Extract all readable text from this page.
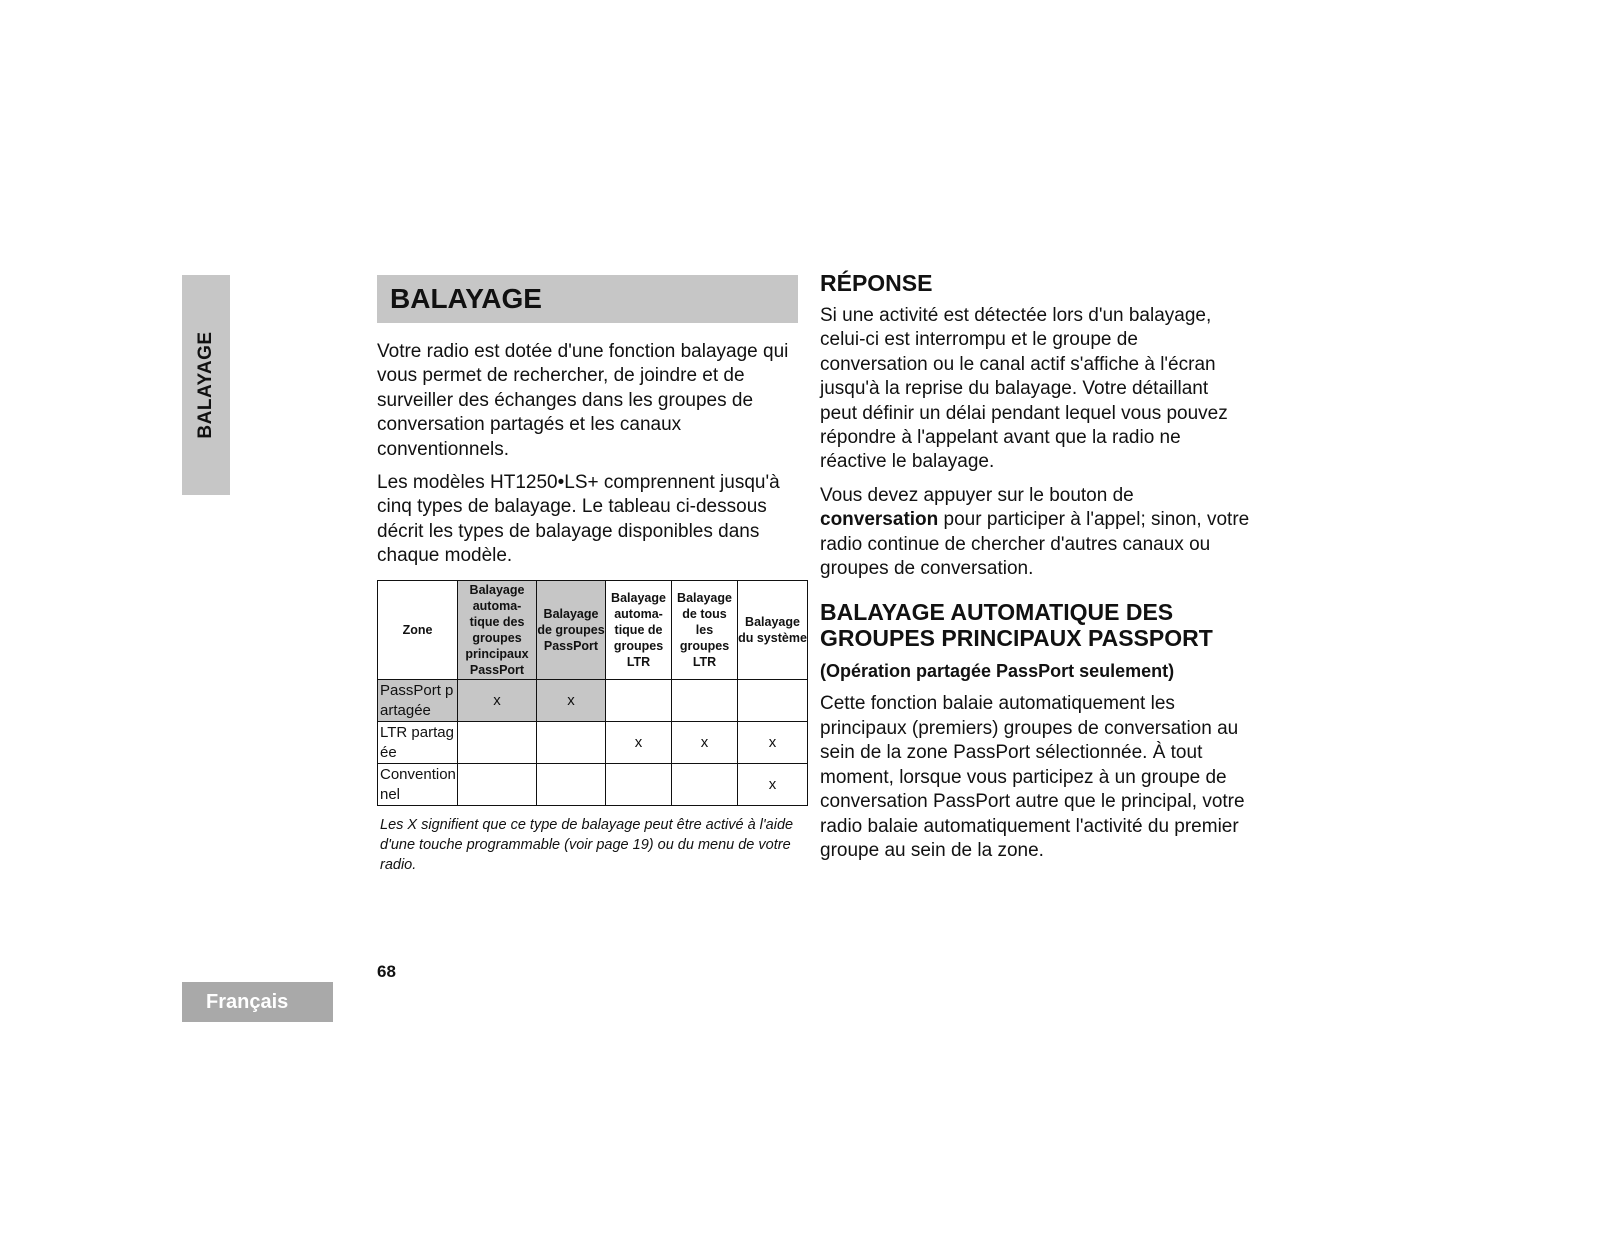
BALAYAGE
BALAYAGE

Votre radio est dotée d'une fonction balayage qui vous permet de rechercher, de joindre et de surveiller des échanges dans les groupes de conversation partagés et les canaux conventionnels.

Les modèles HT1250•LS+ comprennent jusqu'à cinq types de balayage. Le tableau ci-dessous décrit les types de balayage disponibles dans chaque modèle.

Zone	Balayage automa-tique des groupes principaux PassPort	Balayage de groupes PassPort	Balayage automa-tique de groupes LTR	Balayage de tous les groupes LTR	Balayage du système
PassPort partagée	x	x			
LTR partagée			x	x	x
Conventionnel					x

Les X signifient que ce type de balayage peut être activé à l'aide d'une touche programmable (voir page 19) ou du menu de votre radio.

RÉPONSE

Si une activité est détectée lors d'un balayage, celui-ci est interrompu et le groupe de conversation ou le canal actif s'affiche à l'écran jusqu'à la reprise du balayage. Votre détaillant peut définir un délai pendant lequel vous pouvez répondre à l'appelant avant que la radio ne réactive le balayage.

Vous devez appuyer sur le bouton de conversation pour participer à l'appel; sinon, votre radio continue de chercher d'autres canaux ou groupes de conversation.

BALAYAGE AUTOMATIQUE DES GROUPES PRINCIPAUX PASSPORT
(Opération partagée PassPort seulement)

Cette fonction balaie automatiquement les principaux (premiers) groupes de conversation au sein de la zone PassPort sélectionnée. À tout moment, lorsque vous participez à un groupe de conversation PassPort autre que le principal, votre radio balaie automatiquement l'activité du premier groupe au sein de la zone.

68
Français
